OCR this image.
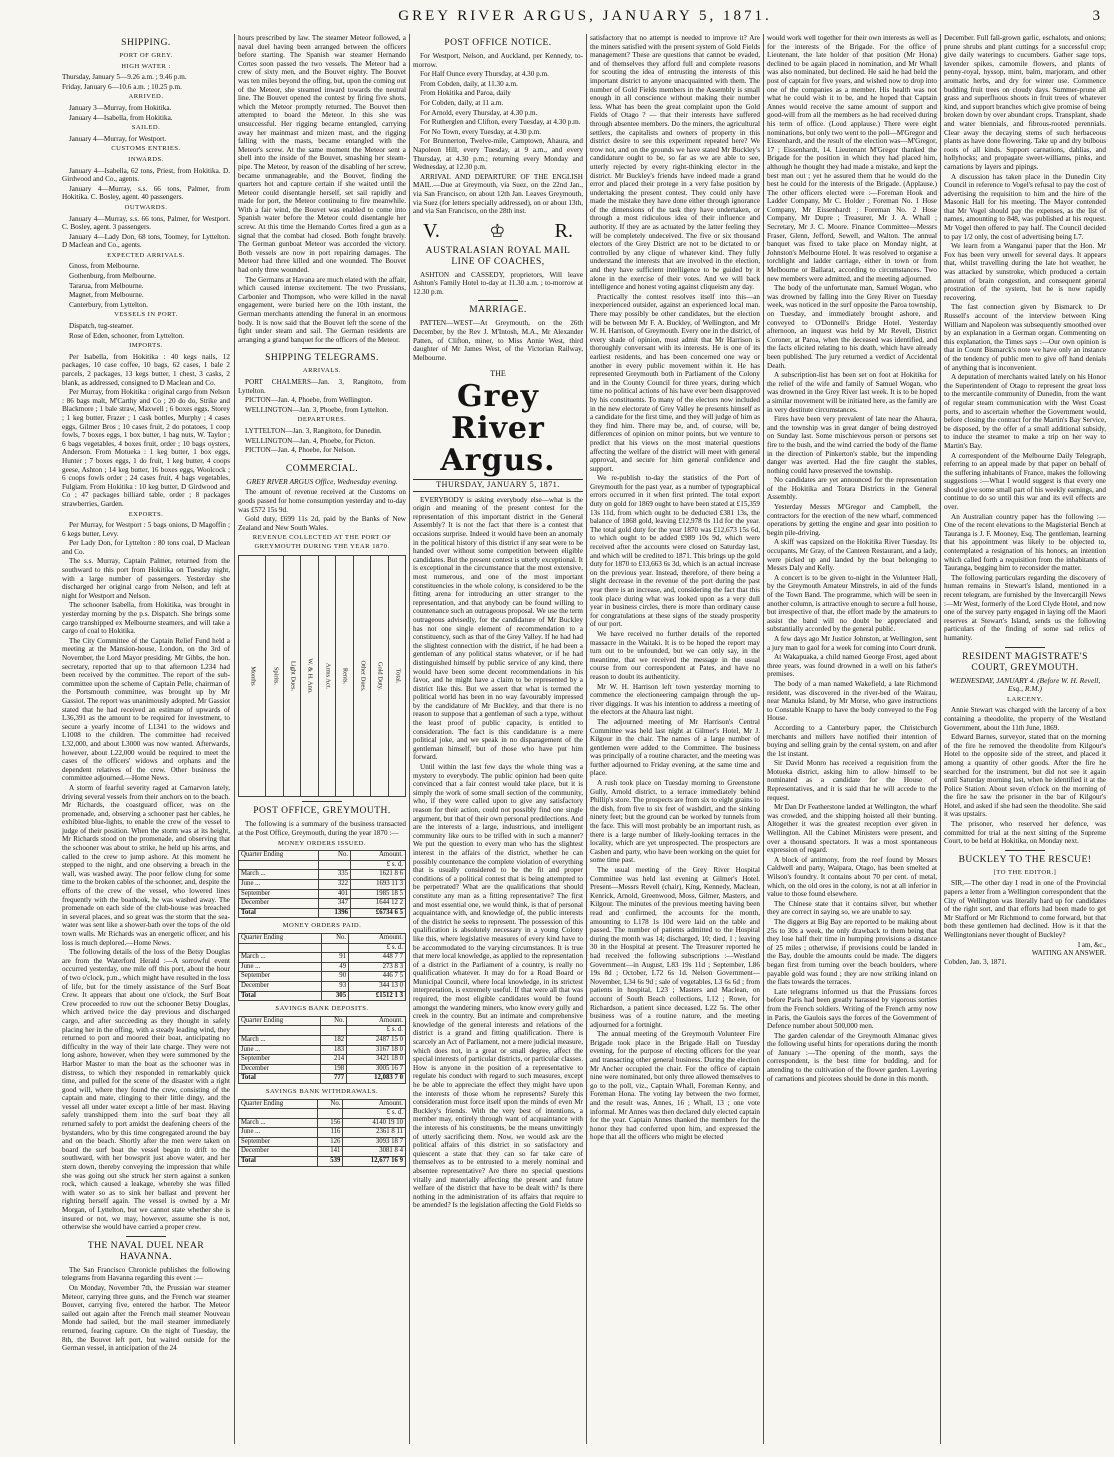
GREY RIVER ARGUS, JANUARY 5, 1871.	3
SHIPPING.
PORT OF GREY.
HIGH WATER :

Thursday, January 5—9.26 a.m. ; 9.46 p.m.

Friday, January 6—10.6 a.m. ; 10.25 p.m.

ARRIVED.

January 3—Murray, from Hokitika.

January 4—Isabella, from Hokitika.

SAILED.

January 4—Murray, for Westport.

CUSTOMS ENTRIES.
INWARDS.

January 4—Isabella, 62 tons, Priest, from Hokitika. D. Girdwood and Co., agents.

January 4—Murray, s.s. 66 tons, Palmer, from Hokitika. C. Bosley, agent. 40 passengers.

OUTWARDS.

January 4—Murray, s.s. 66 tons, Palmer, for Westport. C. Bosley, agent. 3 passengers.

January 4—Lady Don, 68 tons, Toomey, for Lyttelton. D Maclean and Co., agents.

EXPECTED ARRIVALS.

Gnoss, from Melbourne.

Gothenburg, from Melbourne.

Tararua, from Melbourne.

Magnet, from Melbourne.

Canterbury, from Lyttelton.

VESSELS IN PORT.

Dispatch, tug-steamer.

Rose of Eden, schooner, from Lyttelton.

IMPORTS.

Per Isabella, from Hokitika : 40 kegs nails, 12 packages, 10 case coffee, 10 bags, 62 cases, 1 bale 2 parcels, 2 packages, 13 kegs butter, 1 chest, 3 casks, 2 blank, as addressed, consigned to D Maclean and Co.

Per Murray, from Hokitika : original cargo from Nelson : 86 bags malt, M'Carthy and Co ; 20 do do, Strike and Blackmore ; 1 bale straw, Maxwell ; 6 boxes eggs, Storey ; 1 keg butter, Frazer ; 1 cask bottles, Murphy ; 4 cases eggs, Gilmer Bros ; 10 cases fruit, 2 do potatoes, 1 coop fowls, 7 boxes eggs, 1 box butter, 1 bag nuts, W. Taylor ; 6 bags vegetables, 4 boxes fruit, order ; 10 bags oysters, Anderson. From Motueka : 1 keg butter, 1 box eggs, Hunter ; 7 boxes eggs, 1 do fruit, 1 keg butter, 4 coops geese, Ashton ; 14 keg butter, 16 boxes eggs, Woolcock ; 6 coops fowls order ; 24 cases fruit, 4 bags vegetables, Fulgiam. From Hokitika : 10 keg butter, D Girdwood and Co ; 47 packages billiard table, order ; 8 packages strawberries, Garden.

EXPORTS.

Per Murray, for Westport : 5 bags onions, D Magoffin ; 6 kegs butter, Levy.

Per Lady Don, for Lyttelton : 80 tons coal, D Maclean and Co.

The s.s. Murray, Captain Palmer, returned from the southward to this port from Hokitika on Tuesday night, with a large number of passengers. Yesterday she discharged her original cargo from Nelson, and left at night for Westport and Nelson.

The schooner Isabella, from Hokitika, was brought in yesterday morning by the p.s. Dispatch. She brings some cargo transhipped ex Melbourne steamers, and will take a cargo of coal to Hokitika.

The City Committee of the Captain Relief Fund held a meeting at the Mansion-house, London, on the 3rd of November, the Lord Mayor presiding. Mr Gibbs, the hon. secretary, reported that up to that afternoon L234 had been received by the committee. The report of the sub-committee upon the scheme of Captain Pelle, chairman of the Portsmouth committee, was brought up by Mr Gassiot. The report was unanimously adopted. Mr Gassiot stated that he had received an estimate of upwards of L36,391 as the amount to be required for investment, to secure a yearly income of L1341 to the widows and L1008 to the children. The committee had received L32,000, and about L3000 was now wanted. Afterwards, however, about L22,000 would be required to meet the cases of the officers' widows and orphans and the dependent relatives of the crew. Other business the committee adjourned.—Home News.

A storm of fearful severity raged at Carnarvon lately, driving several vessels from their anchors on to the beach. Mr Richards, the coastguard officer, was on the promenade, and, observing a schooner past her cables, he exhibited blue-lights, to enable the crew of the vessel to judge of their position. When the storm was at its height, Mr Richards stood on the promenade, and observing that the schooner was about to strike, he held up his arms, and called to the crew to jump ashore. At this moment he stepped to the night, and one observing a breach in the wall, was washed away. The poor fellow clung for some time to the broken cables of the schooner, and, despite the efforts of the crew of the vessel, who lowered lines frequently with the boathook, he was washed away. The promenade on each side of the club-house was breached in several places, and so great was the storm that the sea-water was sent like a shower-bath over the tops of the old town walls. Mr Richards was an energetic officer, and his loss is much deplored.—Home News.

The following details of the loss of the Betsy Douglas are from the Waterford Herald :—A sorrowful event occurred yesterday, one mile off this port, about the hour of two o'clock, p.m., which might have resulted in the loss of life, but for the timely assistance of the Surf Boat Crew. It appears that about one o'clock, the Surf Boat Crew proceeded to row out the schooner Betsy Douglas, which arrived twice the day previous and discharged cargo, and after succeeding as they thought in safely placing her in the offing, with a steady leading wind, they returned to port and moored their boat, anticipating no difficulty in the way of their late charge. They were not long ashore, however, when they were summoned by the Harbor Master to man the boat as the schooner was in distress, to which they responded in remarkably quick time, and pulled for the scene of the disaster with a right good will, where they found the crew, consisting of the captain and mate, clinging to their little dingy, and the vessel all under water except a little of her mast. Having safely transhipped them into the surf boat they all returned safely to port amidst the deafening cheers of the bystanders, who by this time congregated around the bay and on the beach. Shortly after the men were taken on board the surf boat the vessel began to drift to the southward, with her bowsprit just above water, and her stern down, thereby conveying the impression that while she was going out she struck her stern against a sunken rock, which caused a leakage, whereby she was filled with water so as to sink her ballast and prevent her righting herself again. The vessel is owned by a Mr Morgan, of Lyttelton, but we cannot state whether she is insured or not, we may, however, assume she is not, otherwise she would have carried a proper crew.

THE NAVAL DUEL NEAR HAVANNA.

The San Francisco Chronicle publishes the following telegrams from Havanna regarding this event :—

On Monday, November 7th, the Prussian war steamer Meteor, carrying three guns, and the French war steamer Bouvet, carrying five, entered the harbor. The Meteor sailed out again after the French mail steamer Nouveau Monde had sailed, but the mail steamer immediately returned, fearing capture. On the night of Tuesday, the 8th, the Bouvet left port, but waited outside for the German vessel, in anticipation of the 24

hours prescribed by law. The steamer Meteor followed, a naval duel having been arranged between the officers before starting. The Spanish war steamer Hernando Cortes soon passed the two vessels. The Meteor had a crew of sixty men, and the Bouvet eighty. The Bouvet was ten miles beyond the offing, but, upon the coming out of the Meteor, she steamed inward towards the neutral line. The Bouvet opened the contest by firing five shots, which the Meteor promptly returned. The Bouvet then attempted to board the Meteor. In this she was unsuccessful. Her rigging became entangled, carrying away her mainmast and mizen mast, and the rigging falling with the masts, became entangled with the Meteor's screw. At the same moment the Meteor sent a shell into the inside of the Bouvet, smashing her steam-pipe. The Meteor, by reason of the disabling of her screw, became unmanageable, and the Bouvet, finding the quarters hot and capture certain if she waited until the Meteor could disentangle herself, set sail rapidly and made for port, the Meteor continuing to fire meanwhile. With a fair wind, the Bouvet was enabled to come into Spanish water before the Meteor could disentangle her screw. At this time the Hernando Cortes fired a gun as a signal that the combat had closed. Both fought bravely. The German gunboat Meteor was accorded the victory. Both vessels are now in port repairing damages. The Meteor had three killed and one wounded. The Bouvet had only three wounded.

The Germans at Havana are much elated with the affair, which caused intense excitement. The two Prussians, Carbonier and Thompson, who were killed in the naval engagement, were buried here on the 10th instant, the German merchants attending the funeral in an enormous body. It is now said that the Bouvet left the scene of the fight under steam and sail. The German residents are arranging a grand banquet for the officers of the Meteor.

SHIPPING TELEGRAMS.
ARRIVALS.

PORT CHALMERS—Jan. 3, Rangitoto, from Lyttelton.

PICTON—Jan. 4, Phoebe, from Wellington.

WELLINGTON—Jan. 3, Phoebe, from Lyttelton.

DEPARTURES.

LYTTELTON—Jan. 3, Rangitoto, for Dunedin.

WELLINGTON—Jan. 4, Phoebe, for Picton.

PICTON—Jan. 4, Phoebe, for Nelson.

COMMERCIAL.
GREY RIVER ARGUS Office, Wednesday evening.

The amount of revenue received at the Customs on goods passed for home consumption yesterday and to-day was £572 15s 9d.

Gold duty, £699 11s 2d, paid by the Banks of New Zealand and New South Wales.

REVENUE COLLECTED AT THE PORT OF GREYMOUTH DURING THE YEAR 1870.
Months Spirits. Light Dues. W. & H. Ann. Arms Act. Rents. Other Dues. Gold Duty. Total.
POST OFFICE, GREYMOUTH.

The following is a summary of the business transacted at the Post Office, Greymouth, during the year 1870 :—

MONEY ORDERS ISSUED.
Quarter Ending	No.	Amount.
		£ s. d.
March ...	335	1621 8 6
June ...	322	1693 11 3
September	401	1985 18 5
December	347	1644 12 2
Total	1396	£6734 6 5
MONEY ORDERS PAID.
Quarter Ending	No.	Amount.
		£ s. d.
March ...	91	448 7 7
June ...	49	273 8 3
September	90	446 7 5
December	93	344 13 0
Total	305	£1512 1 3
SAVINGS BANK DEPOSITS.
Quarter Ending	No.	Amount.
		£ s. d.
March ...	182	2487 15 0
June ...	183	3167 18 0
September	214	3421 18 0
December	198	3005 16 7
Total	777	12,083 7 0
SAVINGS BANK WITHDRAWALS.
Quarter Ending	No.	Amount.
		£ s. d.
March ...	156	4140 19 10
June ...	116	2361 8 11
September	126	3093 18 7
December	141	3081 8 4
Total	539	12,677 16 9
POST OFFICE NOTICE.

For Westport, Nelson, and Auckland, per Kennedy, to-morrow.

For Half Ounce every Thursday, at 4.30 p.m.

From Cobden, daily, at 11.30 a.m.

From Hokitika and Paroa, daily

For Cobden, daily, at 11 a.m.

For Arnold, every Thursday, at 4.30 p.m.

For Rutherglen and Clifton, every Tuesday, at 4.30 p.m.

For No Town, every Tuesday, at 4.30 p.m.

For Brunnerton, Twelve-mile, Camptown, Ahaura, and Napoleon Hill, every Tuesday, at 9 a.m., and every Thursday, at 4.30 p.m.; returning every Monday and Wednesday, at 12.30 p.m.

ARRIVAL AND DEPARTURE OF THE ENGLISH MAIL.—Due at Greymouth, via Suez, on the 22nd Jan., via San Francisco, on about 12th Jan. Leaves Greymouth, via Suez (for letters specially addressed), on or about 13th, and via San Francisco, on the 28th inst.

V.	♔ R.
AUSTRALASIAN ROYAL MAIL LINE OF COACHES,

ASHTON and CASSEDY, proprietors, Will leave Ashton's Family Hotel to-day at 11.30 a.m. ; to-morrow at 12.30 p.m.

MARRIAGE.

PATTEN—WEST—At Greymouth, on the 26th December, by the Rev J. M'Intosh, M.A., Mr Alexander Patten, of Clifton, miner, to Miss Annie West, third daughter of Mr James West, of the Victorian Railway, Melbourne.

THE
Grey River Argus.
THURSDAY, JANUARY 5, 1871.

EVERYBODY is asking everybody else—what is the origin and meaning of the present contest for the representation of this important district in the General Assembly? It is not the fact that there is a contest that occasions surprise. Indeed it would have been an anomaly in the political history of this district if any seat were to be handed over without some competition between eligible candidates. But the present contest is utterly exceptional. It is exceptional in the circumstance that the most extensive, most numerous, and one of the most important constituencies in the whole colony, is considered to be the fitting arena for introducing an utter stranger to the representation, and that anybody can be found willing to countenance such an outrageous proposal. We use the term outrageous advisedly, for the candidature of Mr Buckley has not one single element of recommendation to a constituency, such as that of the Grey Valley. If he had had the slightest connection with the district, if he had been a gentleman of any political status whatever, or if he had distinguished himself by public service of any kind, there would have been some decent recommendations in his favor, and he might have a claim to be represented by a district like this. But we assert that what is termed the political world has been in no way favourably impressed by the candidature of Mr Buckley, and that there is no reason to suppose that a gentleman of such a type, without the least proof of public capacity, is entitled to consideration. The fact is this candidature is a mere political joke, and we speak in no disparagement of the gentleman himself, but of those who have put him forward.

Until within the last few days the whole thing was a mystery to everybody. The public opinion had been quite convinced that a fair contest would take place, but it is simply the work of some small section of the community, who, if they were called upon to give any satisfactory reason for their action, could not possibly find one single argument, but that of their own personal predilections. And are the interests of a large, industrious, and intelligent community like ours to be trifled with in such a manner? We put the question to every man who has the slightest interest in the affairs of the district, whether he can possibly countenance the complete violation of everything that is usually considered to be the fit and proper conditions of a political contest that is being attempted to be perpetrated? What are the qualifications that should constitute any man as a fitting representative? The first and most essential one, we would think, is that of personal acquaintance with, and knowledge of, the public interests of the district he seeks to represent. The possession of this qualification is absolutely necessary in a young Colony like this, where legislative measures of every kind have to be accommodated to the varying circumstances. It is true that mere local knowledge, as applied to the representation of a district in the Parliament of a country, is really no qualification whatever. It may do for a Road Board or Municipal Council, where local knowledge, in its strictest interpretation, is extremely useful. If that were all that was required, the most eligible candidates would be found amongst the wandering miners, who know every gully and creek in the country. But an intimate and comprehensive knowledge of the general interests and relations of the district is a grand and fitting qualification. There is scarcely an Act of Parliament, not a mere judicial measure, which does not, in a great or small degree, affect the special interests of particular districts, or particular classes. How is anyone in the position of a representative to regulate his conduct with regard to such measures, except he be able to appreciate the effect they might have upon the interests of those whom he represents? Surely this consideration must force itself upon the minds of even Mr Buckley's friends. With the very best of intentions, a member may, entirely through want of acquaintance with the interests of his constituents, be the means unwittingly of utterly sacrificing them. Now, we would ask are the political affairs of this district in so satisfactory and quiescent a state that they can so far take care of themselves as to be entrusted to a merely nominal and absentee representative? Are there no special questions vitally and materially affecting the present and future welfare of the district that have to be dealt with? Is there nothing in the administration of its affairs that require to be amended? Is the legislation affecting the Gold Fields so

satisfactory that no attempt is needed to improve it? Are the miners satisfied with the present system of Gold Fields management? These are questions that cannot be evaded, and of themselves they afford full and complete reasons for scouting the idea of entrusting the interests of this important district to anyone unacquainted with them. The number of Gold Fields members in the Assembly is small enough in all conscience without making their number less. What has been the great complaint upon the Gold Fields of Otago ? — that their interests have suffered through absentee members. Do the miners, the agricultural settlers, the capitalists and owners of property in this district desire to see this experiment repeated here? We trow not, and on the grounds we have stated Mr Buckley's candidature ought to be, so far as we are able to see, utterly rejected by every right-thinking elector in the district. Mr Buckley's friends have indeed made a grand error and placed their protege in a very false position by undertaking the present contest. They could only have made the mistake they have done either through ignorance of the dimensions of the task they have undertaken, or through a most ridiculous idea of their influence and authority. If they are as actuated by the latter feeling they will be completely undeceived. The five or six thousand electors of the Grey District are not to be dictated to or controlled by any clique of whatever kind. They fully understand the interests that are involved in the election, and they have sufficient intelligence to be guided by it alone in the exercise of their votes. And we will back intelligence and honest voting against cliqueism any day.

Practically the contest resolves itself into this—an inexperienced outsider, against an experienced local man. There may possibly be other candidates, but the election will be between Mr F. A. Buckley, of Wellington, and Mr W. H. Harrison, of Greymouth. Every one in the district, of every shade of opinion, must admit that Mr Harrison is thoroughly conversant with its interests. He is one of its earliest residents, and has been concerned one way or another in every public movement within it. He has represented Greymouth both in Parliament of the Colony and in the County Council for three years, during which time no political actions of his have ever been disapproved by his constituents. To many of the electors now included in the new electorate of Grey Valley he presents himself as a candidate for the first time, and they will judge of him as they find him. There may be, and, of course, will be, differences of opinion on minor points, but we venture to predict that his views on the most material questions affecting the welfare of the district will meet with general approval, and secure for him general confidence and support.

We re-publish to-day the statistics of the Port of Greymouth for the past year, as a number of typographical errors occurred in it when first printed. The total export duty on gold for 1869 ought to have been stated at £15,359 13s 11d, from which ought to be deducted £381 13s, the balance of 1868 gold, leaving £12,978 0s 11d for the year. The total gold duty for the year 1870 was £12,673 15s 6d, to which ought to be added £989 10s 9d, which were received after the accounts were closed on Saturday last, and which will be credited to 1871. This brings up the gold duty for 1870 to £13,663 6s 3d, which is an actual increase on the previous year. Instead, therefore, of there being a slight decrease in the revenue of the port during the past year there is an increase, and, considering the fact that this took place during what was looked upon as a very dull year in business circles, there is more than ordinary cause for congratulations at these signs of the steady prosperity of our port.

We have received no further details of the reported massacre in the Waitaki. It is to be hoped the report may turn out to be unfounded, but we can only say, in the meantime, that we received the message in the usual course from our correspondent at Pates, and have no reason to doubt its authenticity.

Mr W. H. Harrison left town yesterday morning to commence the electioneering campaign through the up-river diggings. It was his intention to address a meeting of the electors at the Ahaura last night.

The adjourned meeting of Mr Harrison's Central Committee was held last night at Gilmer's Hotel, Mr J. Kilgour in the chair. The names of a large number of gentlemen were added to the Committee. The business was principally of a routine character, and the meeting was further adjourned to Friday evening, at the same time and place.

A rush took place on Tuesday morning to Greenstone Gully, Arnold district, to a terrace immediately behind Phillip's store. The prospects are from six to eight grains to the dish, from five to six feet of washdirt, and the sinking ninety feet; but the ground can be worked by tunnels from the face. This will most probably be an important rush, as there is a large number of likely-looking terraces in the locality, which are yet unprospected. The prospectors are Cashen and party, who have been working on the quiet for some time past.

The usual meeting of the Grey River Hospital Committee was held last evening at Gilmer's Hotel. Present—Messrs Revell (chair), King, Kennedy, Maclean, Kenrick, Arnold, Greenwood, Moss, Gilmer, Masters, and Kilgour. The minutes of the previous meeting having been read and confirmed, the accounts for the month, amounting to L178 1s 10d were laid on the table and passed. The number of patients admitted to the Hospital during the month was 14; discharged, 10; died, 1 ; leaving 30 in the Hospital at present. The Treasurer reported he had received the following subscriptions :—Westland Government—in August, L83 19s 11d ; September, L86 19s 8d ; October, L72 6s 1d. Nelson Government—November, L34 6s 9d ; sale of vegetables, L3 6s 6d ; from patients in hospital, L23 ; Masters and Maclean, on account of South Beach collections, L12 ; Rowe, for Richardson, a patient since deceased, L22 5s. The other business was of a routine nature, and the meeting adjourned for a fortnight.

The annual meeting of the Greymouth Volunteer Fire Brigade took place in the Brigade Hall on Tuesday evening, for the purpose of electing officers for the year and transacting other general business. During the election Mr Ancher occupied the chair. For the office of captain nine were nominated, but only three allowed themselves to go to the poll, viz., Captain Whall, Foreman Kenny, and Foreman Hona. The voting lay between the two former, and the result was, Annes, 16 ; Whall, 13 ; one vote informal. Mr Annes was then declared duly elected captain for the year. Captain Annes thanked the members for the honor they had conferred upon him, and expressed the hope that all the officers who might be elected

would work well together for their own interests as well as for the interests of the Brigade. For the office of Lieutenant, the late holder of that position (Mr Hona) declined to be again placed in nomination, and Mr Whall was also nominated, but declined. He said he had held the post of captain for five years, and wished now to drop into one of the companies as a member. His health was not what he could wish it to be, and he hoped that Captain Annes would receive the same amount of support and good-will from all the members as he had received during his term of office. (Loud applause.) There were eight nominations, but only two went to the poll—M'Gregor and Eissenhardt, and the result of the election was—M'Gregor, 17 ; Eissenhardt, 14. Lieutenant M'Gregor thanked the Brigade for the position in which they had placed him, although he thought they had made a mistake, and kept the best man out ; yet he assured them that he would do the best he could for the interests of the Brigade. (Applause.) The other officers elected were :—Foreman Hook and Ladder Company, Mr C. Holder ; Foreman No. 1 Hose Company, Mr Eissenhardt ; Foreman No. 2 Hose Company, Mr Dupre ; Treasurer, Mr J. A. Whall ; Secretary, Mr J. C. Moore. Finance Committee—Messrs Fraser, Glenn, Jefford, Sewell, and Walton. The annual banquet was fixed to take place on Monday night, at Johnston's Melbourne Hotel. It was resolved to organise a torchlight and ladder carriage, either in town or from Melbourne or Ballarat, according to circumstances. Two new members were admitted, and the meeting adjourned.

The body of the unfortunate man, Samuel Wogan, who was drowned by falling into the Grey River on Tuesday week, was noticed in the surf opposite the Paroa township, on Tuesday, and immediately brought ashore, and conveyed to O'Donnell's Bridge Hotel. Yesterday afternoon, an inquest was held by Mr Revell, District Coroner, at Paroa, when the deceased was identified, and the facts elicited relating to his death, which have already been published. The jury returned a verdict of Accidental Death.

A subscription-list has been set on foot at Hokitika for the relief of the wife and family of Samuel Wogan, who was drowned in the Grey River last week. It is to be hoped a similar movement will be initiated here, as the family are in very destitute circumstances.

Fires have been very prevalent of late near the Ahaura, and the township was in great danger of being destroyed on Sunday last. Some mischievous person or persons set fire to the bush, and the wind carried the body of the flame in the direction of Pinkerton's stable, but the impending danger was averted. Had the fire caught the stables, nothing could have preserved the township.

No candidates are yet announced for the representation of the Hokitika and Totara Districts in the General Assembly.

Yesterday Messrs M'Gregor and Campbell, the contractors for the erection of the new wharf, commenced operations by getting the engine and gear into position to begin pile-driving.

A skiff was capsized on the Hokitika River Tuesday. Its occupants, Mr Gray, of the Canteen Restaurant, and a lady, were picked up and landed by the boat belonging to Messrs Daly and Kelly.

A concert is to be given to-night in the Volunteer Hall, by the Greymouth Amateur Minstrels, in aid of the funds of the Town Band. The programme, which will be seen in another column, is attractive enough to secure a full house, but irrespective of that, the effort made by the amateurs to assist the band will no doubt be appreciated and substantially accorded by the general public.

A few days ago Mr Justice Johnston, at Wellington, sent a jury man to gaol for a week for coming into Court drunk.

At Wakapuaka, a child named George Frost, aged about three years, was found drowned in a well on his father's premises.

The body of a man named Wakefield, a late Richmond resident, was discovered in the river-bed of the Wairau, near Manuka Island, by Mr Morse, who gave instructions to Constable Knapp to have the body conveyed to the Fog House.

According to a Canterbury paper, the Christchurch merchants and millers have notified their intention of buying and selling grain by the cental system, on and after the 1st instant.

Sir David Monro has received a requisition from the Motueka district, asking him to allow himself to be nominated as a candidate for the House of Representatives, and it is said that he will accede to the request.

Mr Dan Dr Featherstone landed at Wellington, the wharf was crowded, and the shipping hoisted all their bunting. Altogether it was the greatest reception ever given in Wellington. All the Cabinet Ministers were present, and over a thousand spectators. It was a most spontaneous expression of regard.

A block of antimony, from the reef found by Messrs Caldwell and party, Waipara, Otago, has been smelted at Wilson's foundry. It contains about 70 per cent. of metal, which, on the old ores in the colony, is not at all inferior in value to those found elsewhere.

The Chinese state that it contains silver, but whether they are correct in saying so, we are unable to say.

The diggers at Big Bay are reported to be making about 25s to 30s a week, the only drawback to them being that they lose half their time in humping provisions a distance of 25 miles ; otherwise, if provisions could be landed in the Bay, double the amounts could be made. The diggers began first from turning over the beach boulders, where payable gold was found ; they are now striking inland on the flats towards the terraces.

Late telegrams informed us that the Prussians forces before Paris had been greatly harassed by vigorous sorties from the French soldiers. Writing of the French army now in Paris, the Gaulois says the forces of the Government of Defence number about 500,000 men.

The garden calendar of the Greymouth Almanac gives the following useful hints for operations during the month of January :—The opening of the month, says the correspondent, is the best time for budding, and for attending to the cultivation of the flower garden. Layering of carnations and picotees should be done in this month.

December. Full fall-grown garlic, eschalots, and onions; prune shrubs and plant cuttings for a successful crop; give daily waterings to cucumbers. Gather sage tops, lavender spikes, camomile flowers, and plants of penny-royal, hyssop, mint, balm, marjoram, and other aromatic herbs, and dry for winter use. Commence budding fruit trees on cloudy days. Summer-prune all grass and superfluous shoots in fruit trees of whatever kind, and support branches which give promise of being broken down by over abundant crops. Transplant, shade and water biennials, and fibrous-rooted perennials. Clear away the decaying stems of such herbaceous plants as have done flowering. Take up and dry bulbous roots of all kinds. Support carnations, dahlias, and hollyhocks; and propagate sweet-williams, pinks, and carnations by layers and pipings.

A discussion has taken place in the Dunedin City Council in reference to Vogel's refusal to pay the cost of advertising the requisition to him and the hire of the Masonic Hall for his meeting. The Mayor contended that Mr Vogel should pay the expenses, as the list of names, amounting to 848, was published at his request. Mr Vogel then offered to pay half. The Council decided to pay 1/2 only, the cost of advertising being L7.

We learn from a Wanganui paper that the Hon. Mr Fox has been very unwell for several days. It appears that, whilst travelling during the late hot weather, he was attacked by sunstroke, which produced a certain amount of brain congestion, and consequent general prostration of the system, but he is now rapidly recovering.

The fast connection given by Bismarck to Dr Russell's account of the interview between King William and Napoleon was subsequently smoothed over by an explanation in a German organ. Commenting on this explanation, the Times says :—Our own opinion is that in Count Bismarck's note we have only an instance of the tendency of public men to give off hand denials of anything that is inconvenient.

A deputation of merchants waited lately on his Honor the Superintendent of Otago to represent the great loss to the mercantile community of Dunedin, from the want of regular steam communication with the West Coast ports, and to ascertain whether the Government would, before closing the contract for the Martin's Bay Service, be disposed, by the offer of a small additional subsidy, to induce the steamer to make a trip on her way to Martin's Bay.

A correspondent of the Melbourne Daily Telegraph, referring to an appeal made by that paper on behalf of the suffering inhabitants of France, makes the following suggestions :—What I would suggest is that every one should give some small part of his weekly earnings, and continue to do so until this war and its evil effects are over.

An Australian country paper has the following :—One of the recent elevations to the Magisterial Bench at Tauranga is J. F. Mooney, Esq. The gentleman, learning that his appointment was likely to be objected to, contemplated a resignation of his honors, an intention which called forth a requisition from the inhabitants of Tauranga, begging him to reconsider the matter.

The following particulars regarding the discovery of human remains in Stewart's Island, mentioned in a recent telegram, are furnished by the Invercargill News :—Mr West, formerly of the Lord Clyde Hotel, and now one of the survey party engaged in laying off the Maori reserves at Stewart's Island, sends us the following particulars of the finding of some sad relics of humanity.

RESIDENT MAGISTRATE'S COURT, GREYMOUTH.
WEDNESDAY, JANUARY 4. (Before W. H. Revell, Esq., R.M.)
LARCENY.

Annie Stewart was charged with the larceny of a box containing a theodolite, the property of the Westland Government, about the 11th June, 1869.

Edward Barnes, surveyor, stated that on the morning of the fire he removed the theodolite from Kilgour's Hotel to the opposite side of the street, and placed it among a quantity of other goods. After the fire he searched for the instrument, but did not see it again until Saturday morning last, when he identified it at the Police Station. About seven o'clock on the morning of the fire he saw the prisoner in the bar of Kilgour's Hotel, and asked if she had seen the theodolite. She said it was upstairs.

The prisoner, who reserved her defence, was committed for trial at the next sitting of the Supreme Court, to be held at Hokitika, on Monday next.

BUCKLEY TO THE RESCUE!
[TO THE EDITOR.]

SIR,—The other day I read in one of the Provincial papers a letter from a Wellington correspondent that the City of Wellington was literally hard up for candidates of the right sort, and that efforts had been made to get Mr Stafford or Mr Richmond to come forward, but that both these gentlemen had declined. How is it that the Wellingtonians never thought of Buckley?

I am, &c.,
WAITING AN ANSWER.

Cobden, Jan. 3, 1871.
